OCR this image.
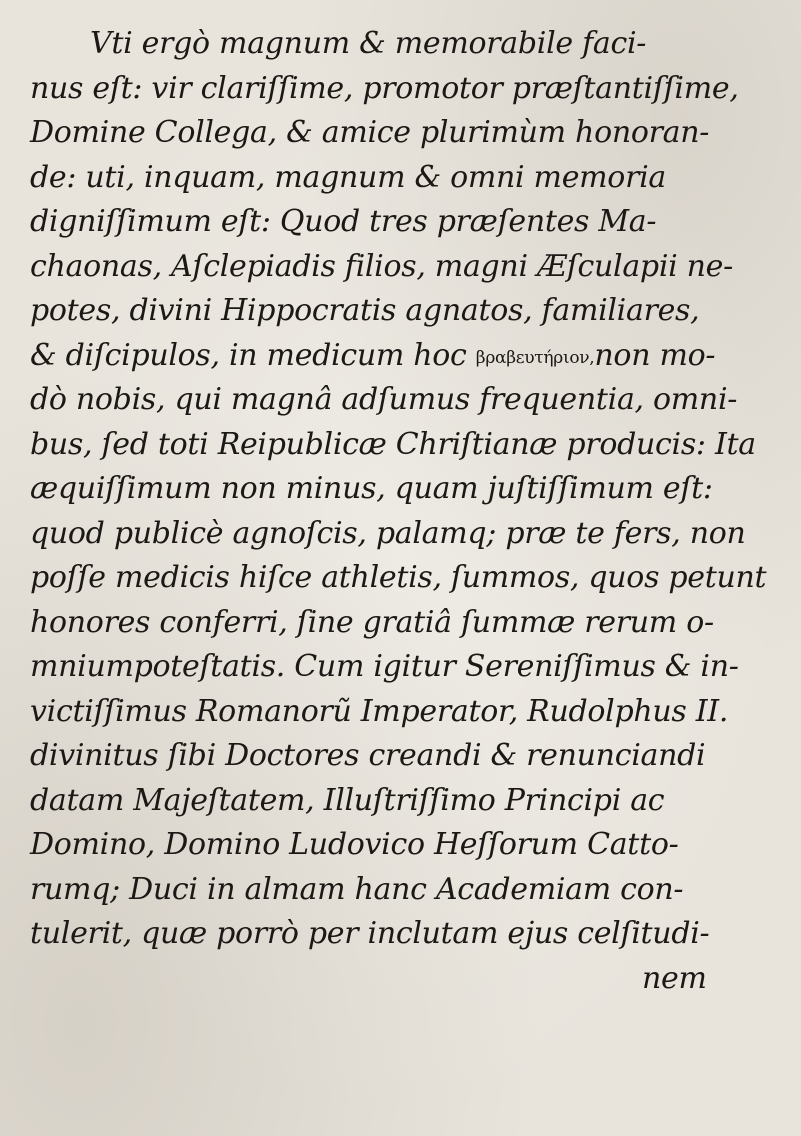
Vti ergò magnum & memorabile faci-
nus eſt: vir clariſſime, promotor præſtantiſſime,
Domine Collega, & amice plurimùm honoran-
de: uti, inquam, magnum & omni memoria
digniſſimum eſt: Quod tres præſentes Ma-
chaonas, Aſclepiadis filios, magni Æſculapii ne-
potes, divini Hippocratis agnatos, familiares,
& diſcipulos, in medicum hoc βραβευτήριον,non mo-
dò nobis, qui magnâ adſumus frequentia, omni-
bus, ſed toti Reipublicæ Chriſtianæ producis: Ita
æquiſſimum non minus, quam juſtiſſimum eſt:
quod publicè agnoſcis, palamq; præ te fers, non
poſſe medicis hiſce athletis, ſummos, quos petunt
honores conferri, ſine gratiâ ſummæ rerum o-
mniumpoteſtatis. Cum igitur Sereniſſimus & in-
victiſſimus Romanorũ Imperator, Rudolphus II.
divinitus ſibi Doctores creandi & renunciandi
datam Majeſtatem, Illuſtriſſimo Principi ac
Domino, Domino Ludovico Heſſorum Catto-
rumq; Duci in almam hanc Academiam con-
tulerit, quæ porrò per inclutam ejus celſitudi-
nem
